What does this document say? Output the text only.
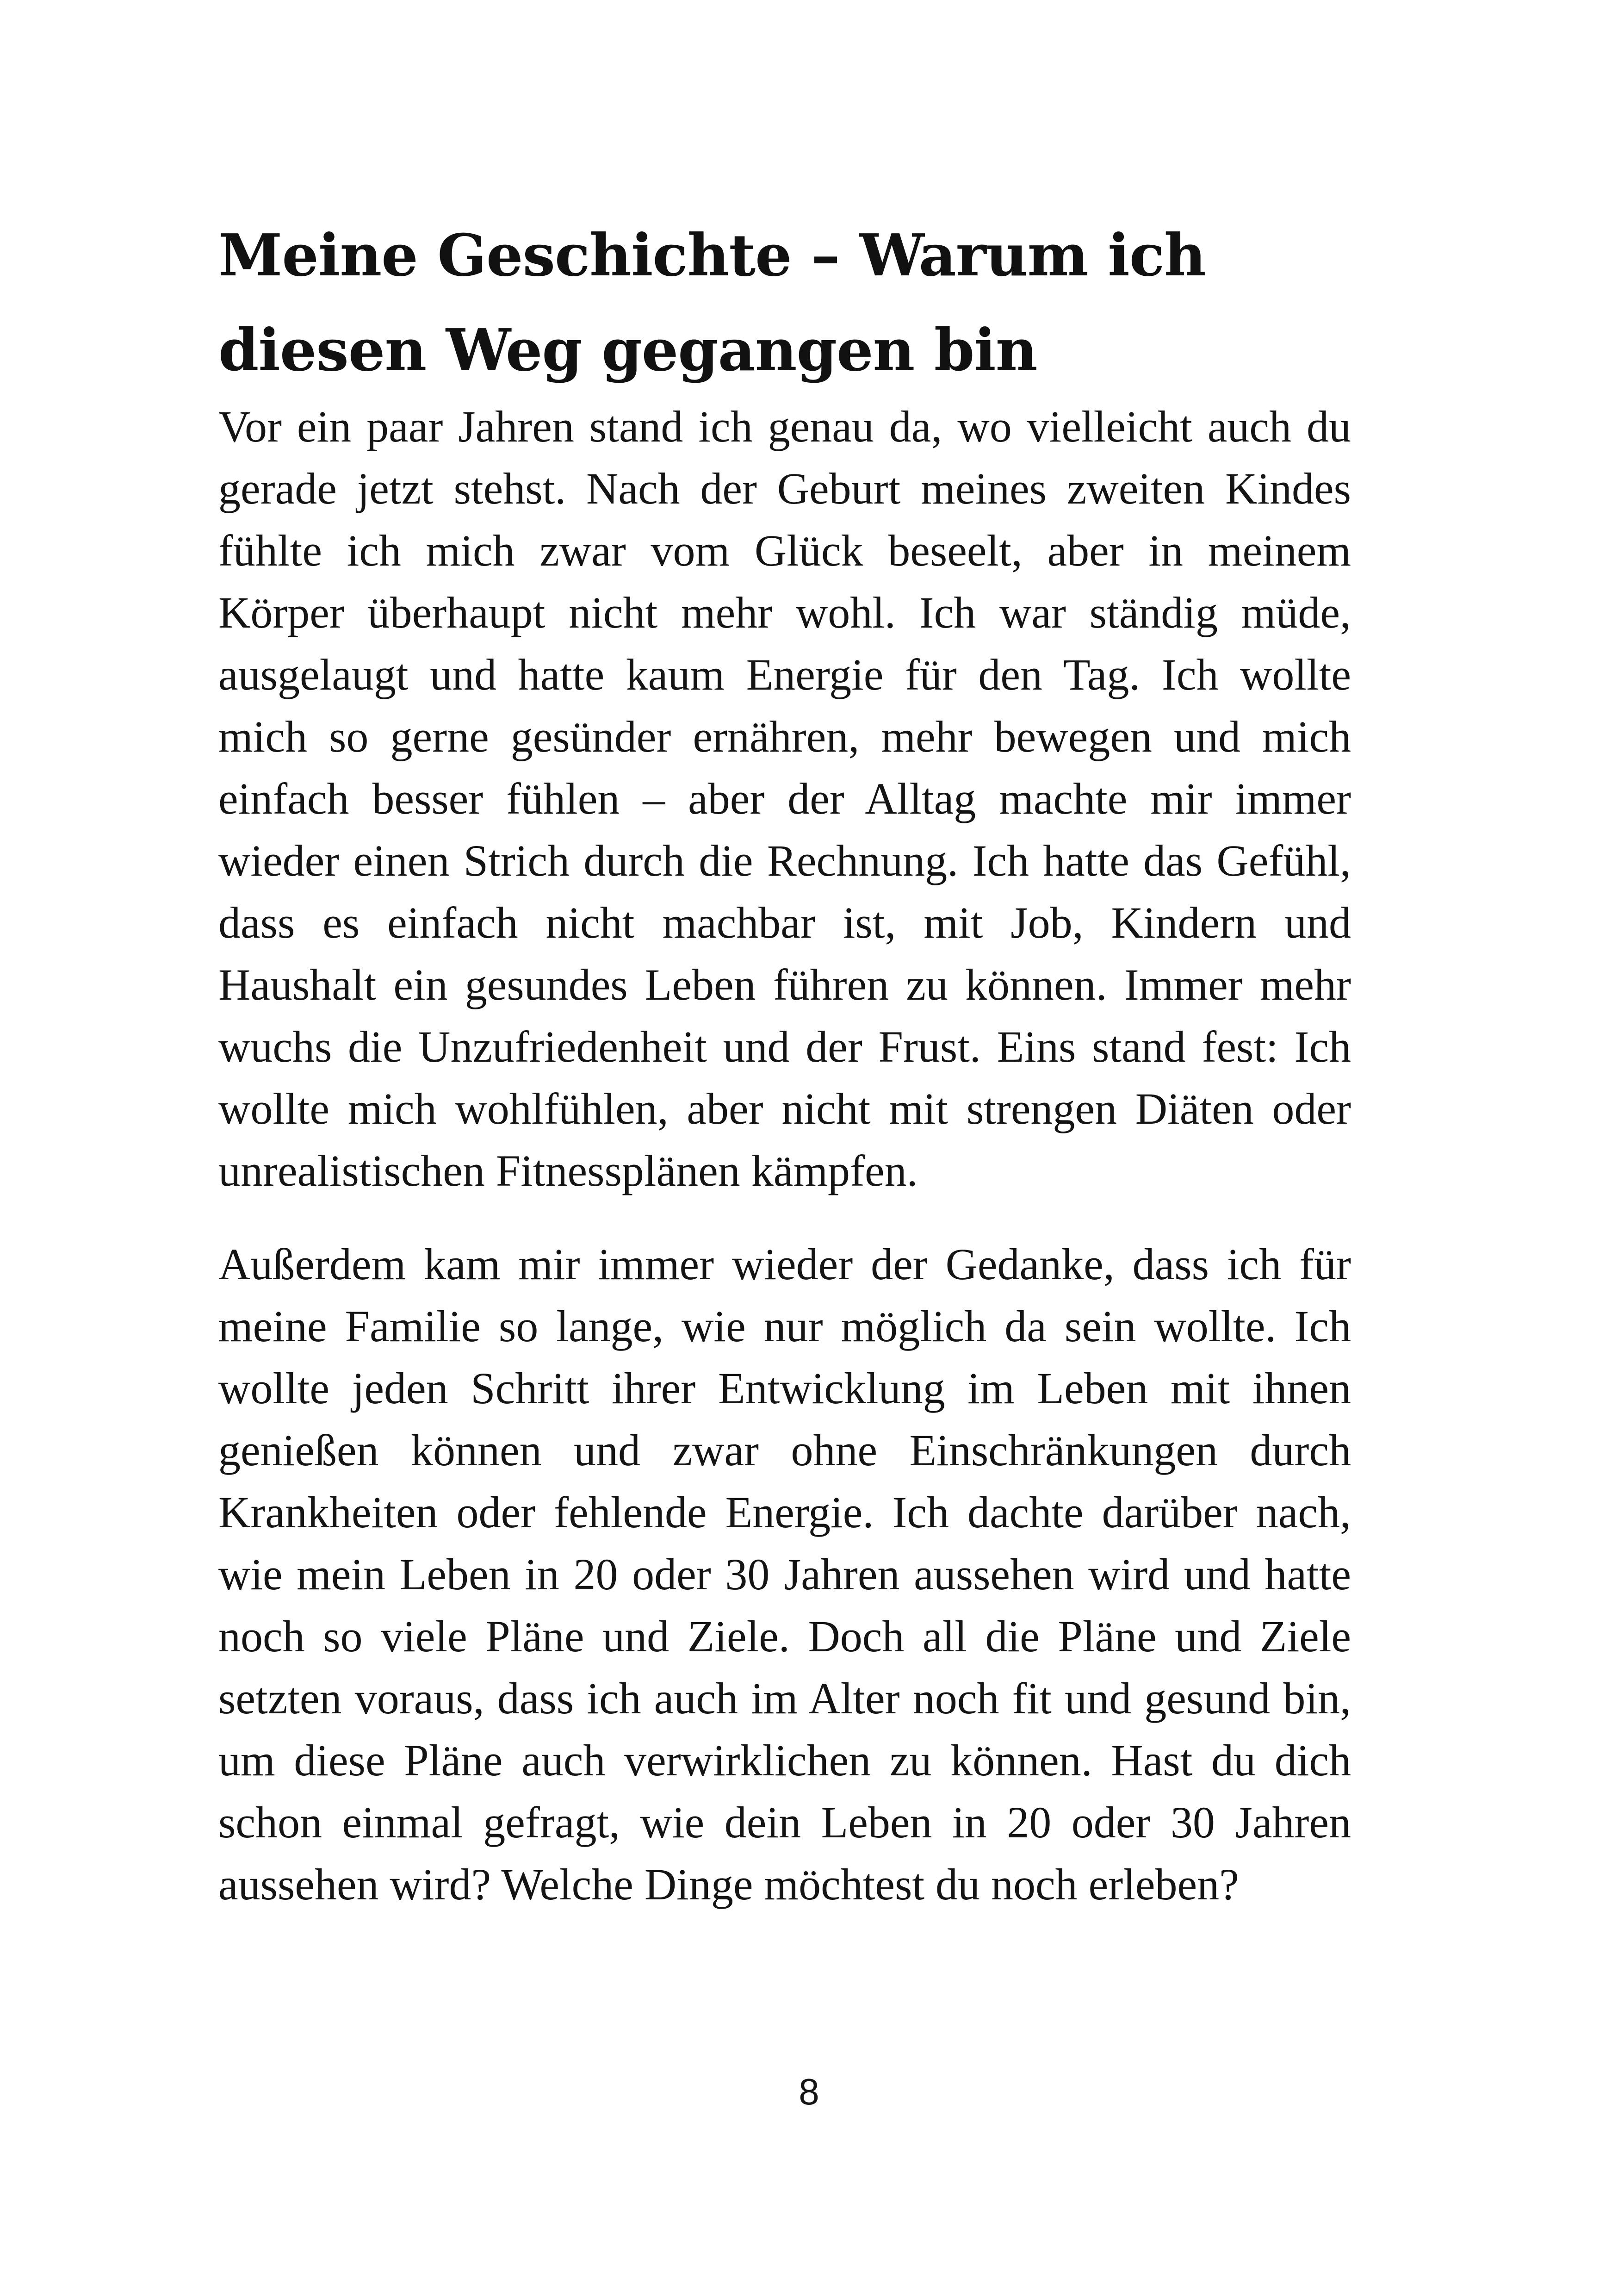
Meine Geschichte – Warum ich diesen Weg gegangen bin

Vor ein paar Jahren stand ich genau da, wo vielleicht auch du gerade jetzt stehst. Nach der Geburt meines zweiten Kindes fühlte ich mich zwar vom Glück beseelt, aber in meinem Körper überhaupt nicht mehr wohl. Ich war ständig müde, ausgelaugt und hatte kaum Energie für den Tag. Ich wollte mich so gerne gesünder ernähren, mehr bewegen und mich einfach besser fühlen – aber der Alltag machte mir immer wieder einen Strich durch die Rechnung. Ich hatte das Gefühl, dass es einfach nicht machbar ist, mit Job, Kindern und Haushalt ein gesundes Leben führen zu können. Immer mehr wuchs die Unzufriedenheit und der Frust. Eins stand fest: Ich wollte mich wohlfühlen, aber nicht mit strengen Diäten oder unrealistischen Fitnessplänen kämpfen.

Außerdem kam mir immer wieder der Gedanke, dass ich für meine Familie so lange, wie nur möglich da sein wollte. Ich wollte jeden Schritt ihrer Entwicklung im Leben mit ihnen genießen können und zwar ohne Einschränkungen durch Krankheiten oder fehlende Energie. Ich dachte darüber nach, wie mein Leben in 20 oder 30 Jahren aussehen wird und hatte noch so viele Pläne und Ziele. Doch all die Pläne und Ziele setzten voraus, dass ich auch im Alter noch fit und gesund bin, um diese Pläne auch verwirklichen zu können. Hast du dich schon einmal gefragt, wie dein Leben in 20 oder 30 Jahren aussehen wird? Welche Dinge möchtest du noch erleben?

8
